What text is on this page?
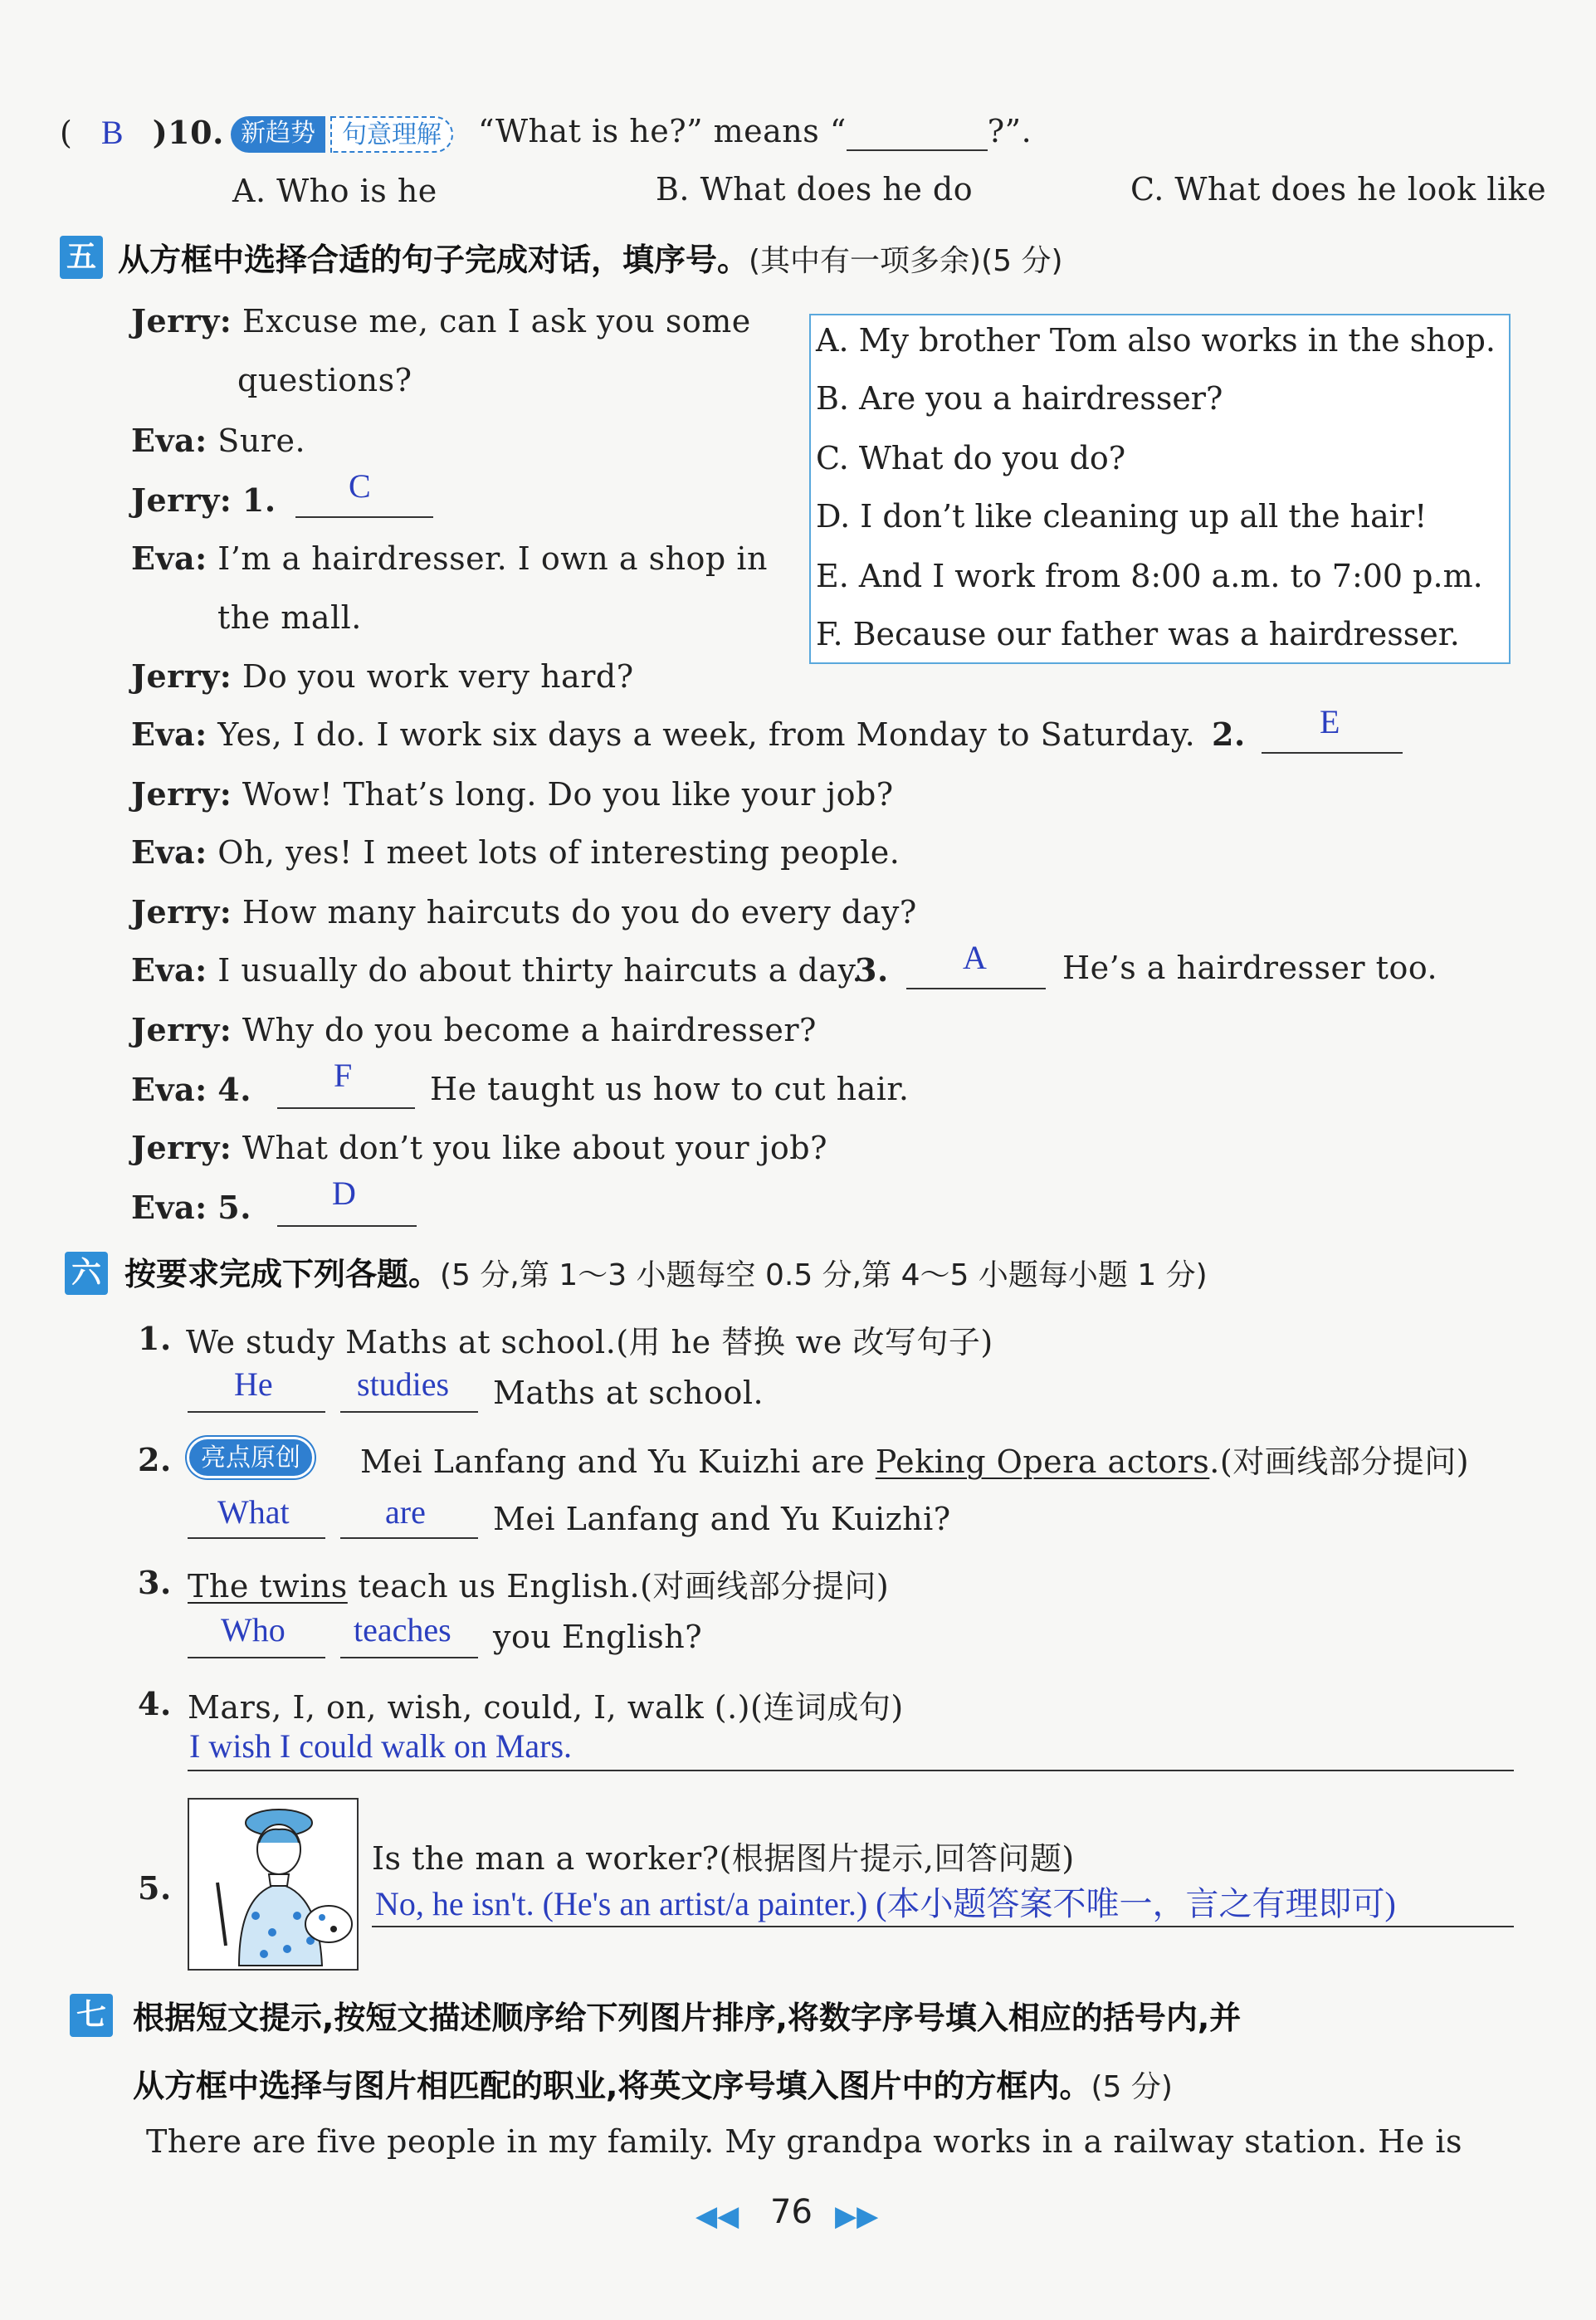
( B )10. 新趋势	句意理解	“What is he?” means “	?”.
A. Who is he	B. What does he do	C. What does he look like
五 从方框中选择合适的句子完成对话，填序号。(其中有一项多余)(5 分)
A. My brother Tom also works in the shop.
B. Are you a hairdresser?
C. What do you do?
D. I don’t like cleaning up all the hair!
E. And I work from 8:00 a.m. to 7:00 p.m.
F. Because our father was a hairdresser.
Jerry: Excuse me, can I ask you some
questions?
Eva: Sure.
Jerry: 1. C
Eva: I’m a hairdresser. I own a shop in
the mall.
Jerry: Do you work very hard?
Eva: Yes, I do. I work six days a week, from Monday to Saturday. 2. E
Jerry: Wow! That’s long. Do you like your job?
Eva: Oh, yes! I meet lots of interesting people.
Jerry: How many haircuts do you do every day?
Eva: I usually do about thirty haircuts a day.
3. A He’s a hairdresser too.
Jerry: Why do you become a hairdresser?
Eva: 4. F He taught us how to cut hair.
Jerry: What don’t you like about your job?
Eva: 5. D
六 按要求完成下列各题。(5 分,第 1～3 小题每空 0.5 分,第 4～5 小题每小题 1 分)
1. We study Maths at school.(用 he 替换 we 改写句子)
He	studies Maths at school.
2.	亮点原创	Mei Lanfang and Yu Kuizhi are Peking Opera actors.(对画线部分提问)
What	are Mei Lanfang and Yu Kuizhi?
3. The twins teach us English.(对画线部分提问)
Who teaches you English?
4. Mars, I, on, wish, could, I, walk (.)(连词成句)
I wish I could walk on Mars.
5.
Is the man a worker?(根据图片提示,回答问题)
No, he isn't. (He's an artist/a painter.) (本小题答案不唯一，言之有理即可)
七 根据短文提示,按短文描述顺序给下列图片排序,将数字序号填入相应的括号内,并
从方框中选择与图片相匹配的职业,将英文序号填入图片中的方框内。(5 分)
There are five people in my family. My grandpa works in a railway station. He is
◀◀ 76 ▶▶
